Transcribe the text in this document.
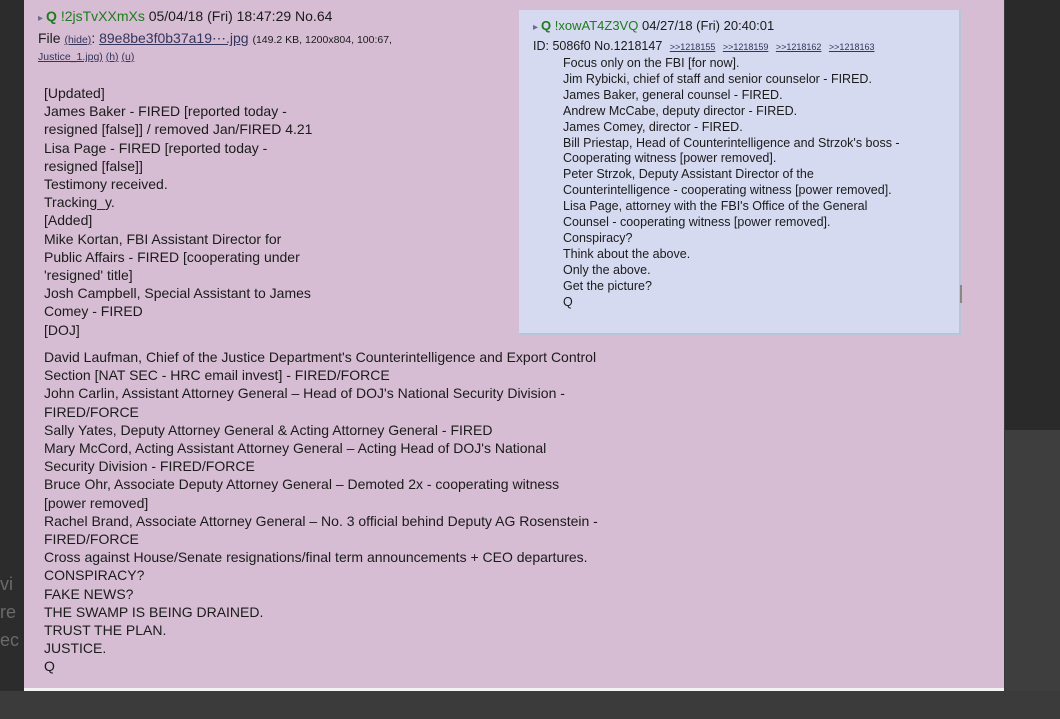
vi
re
ec
▸ Q !2jsTvXXmXs 05/04/18 (Fri) 18:47:29 No.64
File (hide): 89e8be3f0b37a19⋯.jpg (149.2 KB, 1200x804, 100:67,
Justice_1.jpg) (h) (u)
[Updated]
James Baker - FIRED [reported today -
resigned [false]] / removed Jan/FIRED 4.21
Lisa Page - FIRED [reported today -
resigned [false]]
Testimony received.
Tracking_y.
[Added]
Mike Kortan, FBI Assistant Director for
Public Affairs - FIRED [cooperating under
'resigned' title]
Josh Campbell, Special Assistant to James
Comey - FIRED
[DOJ]
David Laufman, Chief of the Justice Department's Counterintelligence and Export Control
Section [NAT SEC - HRC email invest] - FIRED/FORCE
John Carlin, Assistant Attorney General – Head of DOJ's National Security Division -
FIRED/FORCE
Sally Yates, Deputy Attorney General & Acting Attorney General - FIRED
Mary McCord, Acting Assistant Attorney General – Acting Head of DOJ's National
Security Division - FIRED/FORCE
Bruce Ohr, Associate Deputy Attorney General – Demoted 2x - cooperating witness
[power removed]
Rachel Brand, Associate Attorney General – No. 3 official behind Deputy AG Rosenstein -
FIRED/FORCE
Cross against House/Senate resignations/final term announcements + CEO departures.
CONSPIRACY?
FAKE NEWS?
THE SWAMP IS BEING DRAINED.
TRUST THE PLAN.
JUSTICE.
Q
▸ Q !xowAT4Z3VQ 04/27/18 (Fri) 20:40:01
ID: 5086f0 No.1218147 >>1218155 >>1218159 >>1218162 >>1218163
Focus only on the FBI [for now].
Jim Rybicki, chief of staff and senior counselor - FIRED.
James Baker, general counsel - FIRED.
Andrew McCabe, deputy director - FIRED.
James Comey, director - FIRED.
Bill Priestap, Head of Counterintelligence and Strzok's boss -
Cooperating witness [power removed].
Peter Strzok, Deputy Assistant Director of the
Counterintelligence - cooperating witness [power removed].
Lisa Page, attorney with the FBI's Office of the General
Counsel - cooperating witness [power removed].
Conspiracy?
Think about the above.
Only the above.
Get the picture?
Q
